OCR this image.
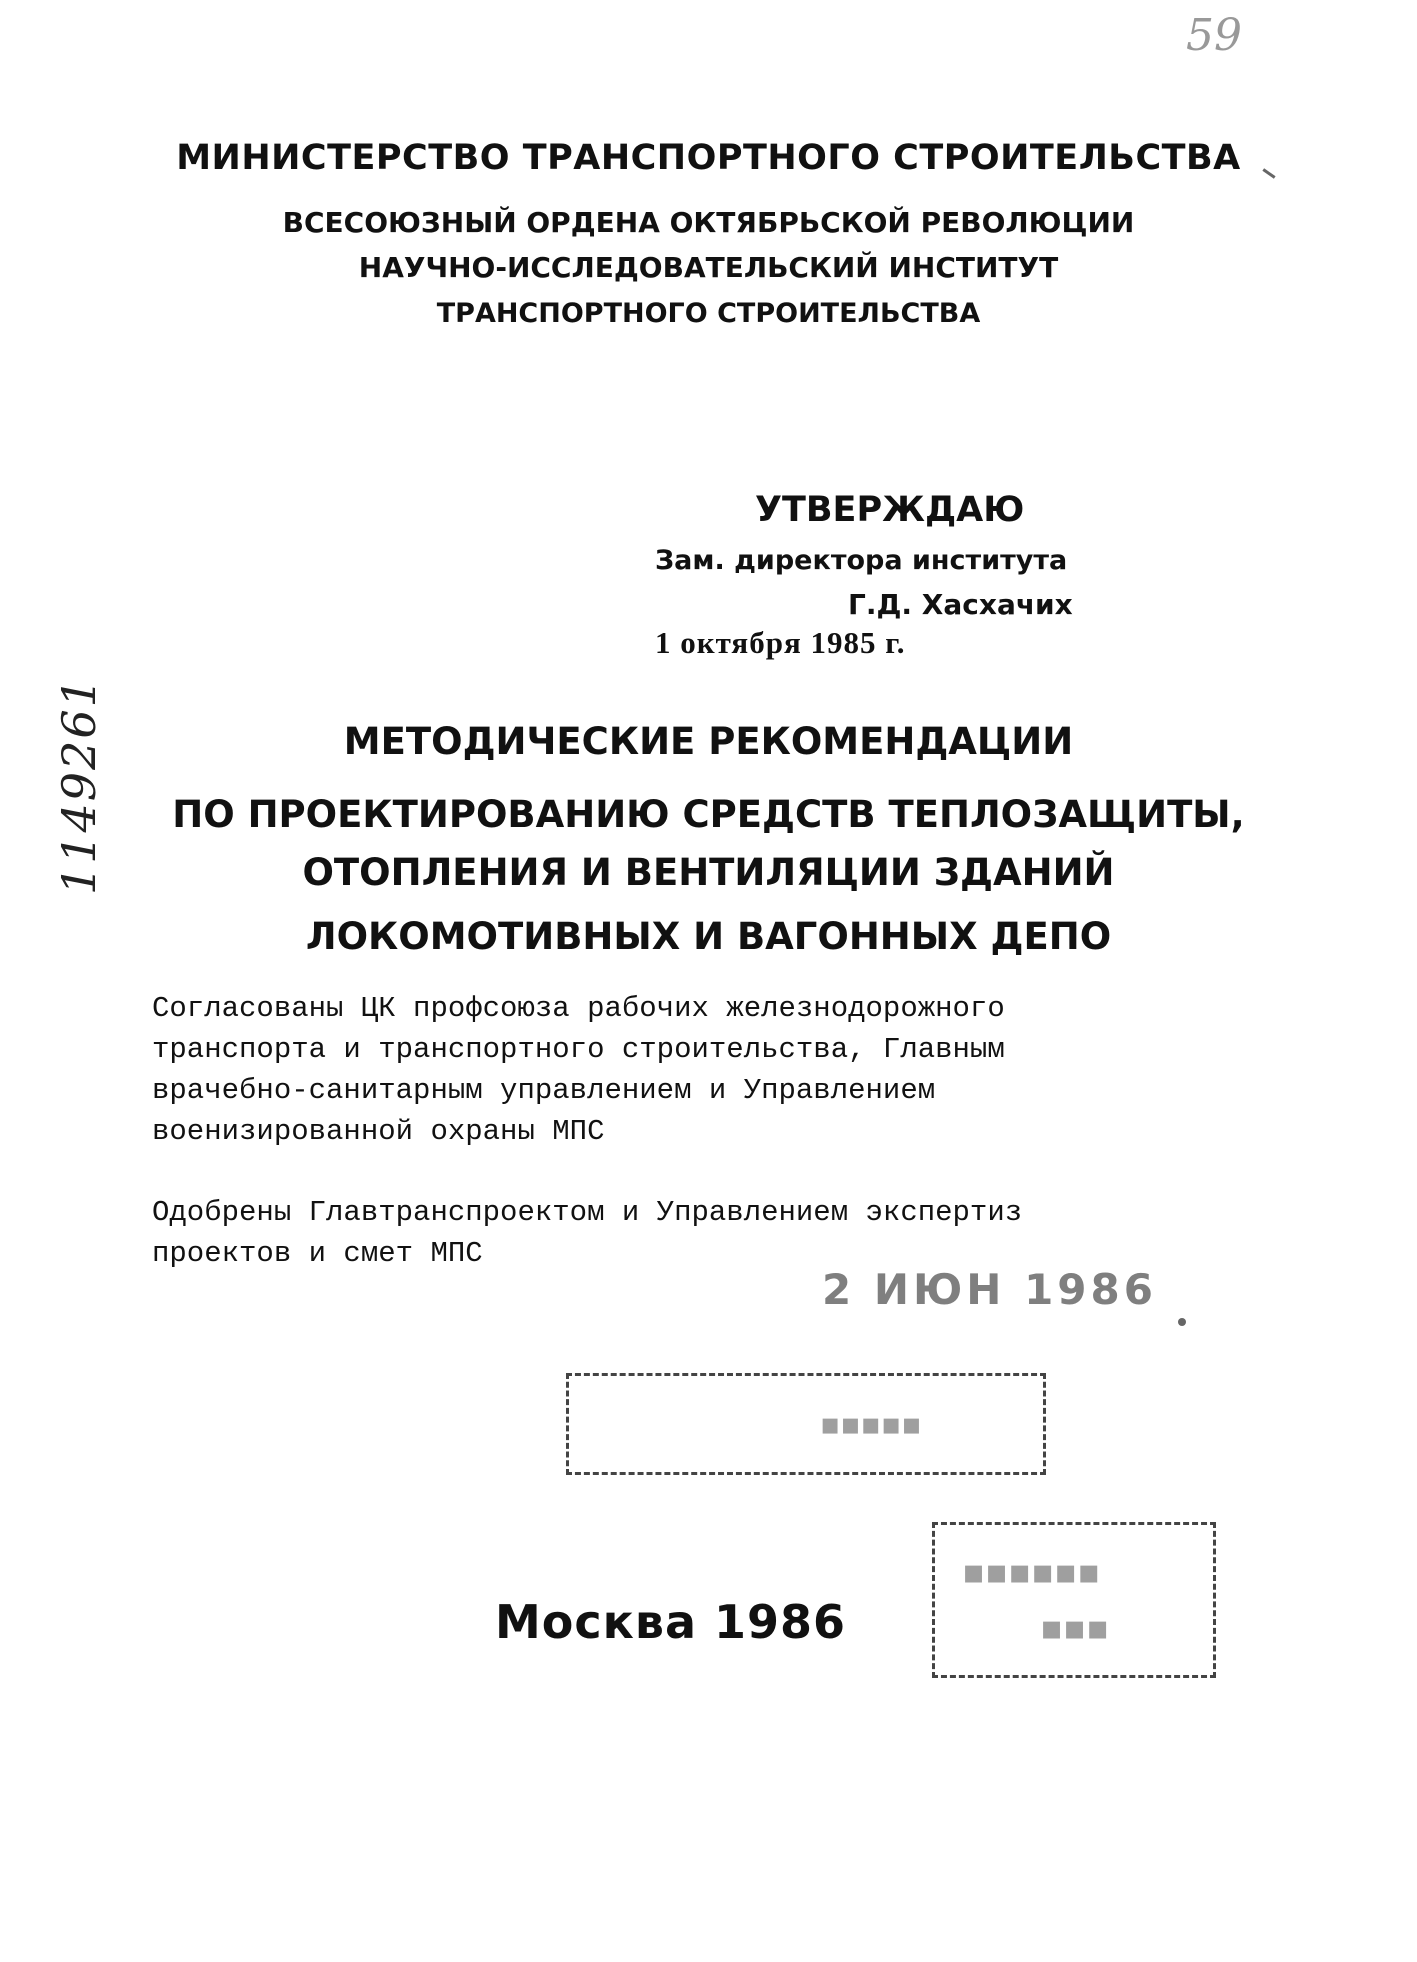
МИНИСТЕРСТВО ТРАНСПОРТНОГО СТРОИТЕЛЬСТВА
ВСЕСОЮЗНЫЙ ОРДЕНА ОКТЯБРЬСКОЙ РЕВОЛЮЦИИ
НАУЧНО-ИССЛЕДОВАТЕЛЬСКИЙ ИНСТИТУТ
ТРАНСПОРТНОГО СТРОИТЕЛЬСТВА
УТВЕРЖДАЮ
Зам. директора института
Г.Д. Хасхачих
1 октября 1985 г.
МЕТОДИЧЕСКИЕ РЕКОМЕНДАЦИИ
ПО ПРОЕКТИРОВАНИЮ СРЕДСТВ ТЕПЛОЗАЩИТЫ,
ОТОПЛЕНИЯ И ВЕНТИЛЯЦИИ ЗДАНИЙ
ЛОКОМОТИВНЫХ И ВАГОННЫХ ДЕПО
Согласованы ЦК профсоюза рабочих железнодорожного
транспорта и транспортного строительства, Главным
врачебно-санитарным управлением и Управлением
военизированной охраны МПС
Одобрены Главтранспроектом и Управлением экспертиз
проектов и смет МПС
1149261
59
2 ИЮН 1986
▪▪▪▪▪
▪▪▪▪▪▪
▪▪▪
Москва 1986
